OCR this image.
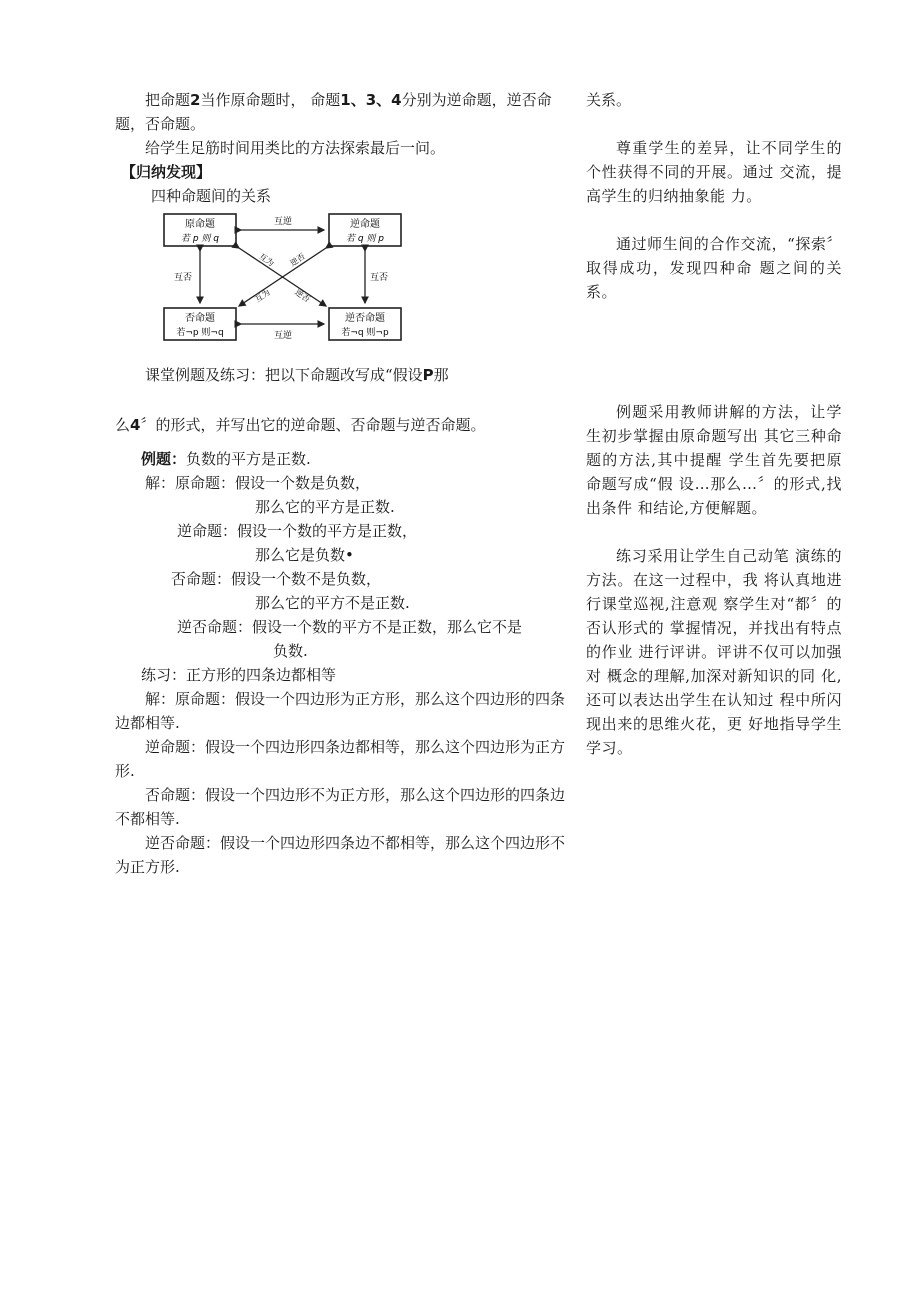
把命题2当作原命题时， 命题1、3、4分别为逆命题，逆否命题，否命题。

给学生足筋时间用类比的方法探索最后一问。

【归纳发现】

四种命题间的关系

原命题
若 p 则 q
逆命题
若 q 则 p
否命题
若¬p 则¬q
逆否命题
若¬q 则¬p
互逆
互逆
互否	互否
互为 逆否
互为	逆否

课堂例题及练习：把以下命题改写成“假设P那

么4〞的形式，并写出它的逆命题、否命题与逆否命题。

例题：负数的平方是正数.

解：原命题：假设一个数是负数，

那么它的平方是正数.

逆命题：假设一个数的平方是正数，

那么它是负数•

否命题：假设一个数不是负数，

那么它的平方不是正数.

逆否命题：假设一个数的平方不是正数，那么它不是

负数.

练习：正方形的四条边都相等

解：原命题：假设一个四边形为正方形，那么这个四边形的四条边都相等.

逆命题：假设一个四边形四条边都相等，那么这个四边形为正方形.

否命题：假设一个四边形不为正方形，那么这个四边形的四条边不都相等.

逆否命题：假设一个四边形四条边不都相等，那么这个四边形不为正方形.

关系。

尊重学生的差异，让不同学生的个性获得不同的开展。通过 交流，提高学生的归纳抽象能 力。

通过师生间的合作交流，“探索〞取得成功，发现四种命 题之间的关系。

例题采用教师讲解的方法，让学生初步掌握由原命题写出 其它三种命题的方法,其中提醒 学生首先要把原命题写成“假 设…那么…〞的形式,找出条件 和结论,方便解题。

练习采用让学生自己动笔 演练的方法。在这一过程中，我 将认真地进行课堂巡视,注意观 察学生对“都〞的否认形式的 掌握情况，并找出有特点的作业 进行评讲。评讲不仅可以加强对 概念的理解,加深对新知识的同 化,还可以表达出学生在认知过 程中所闪现出来的思维火花，更 好地指导学生学习。
